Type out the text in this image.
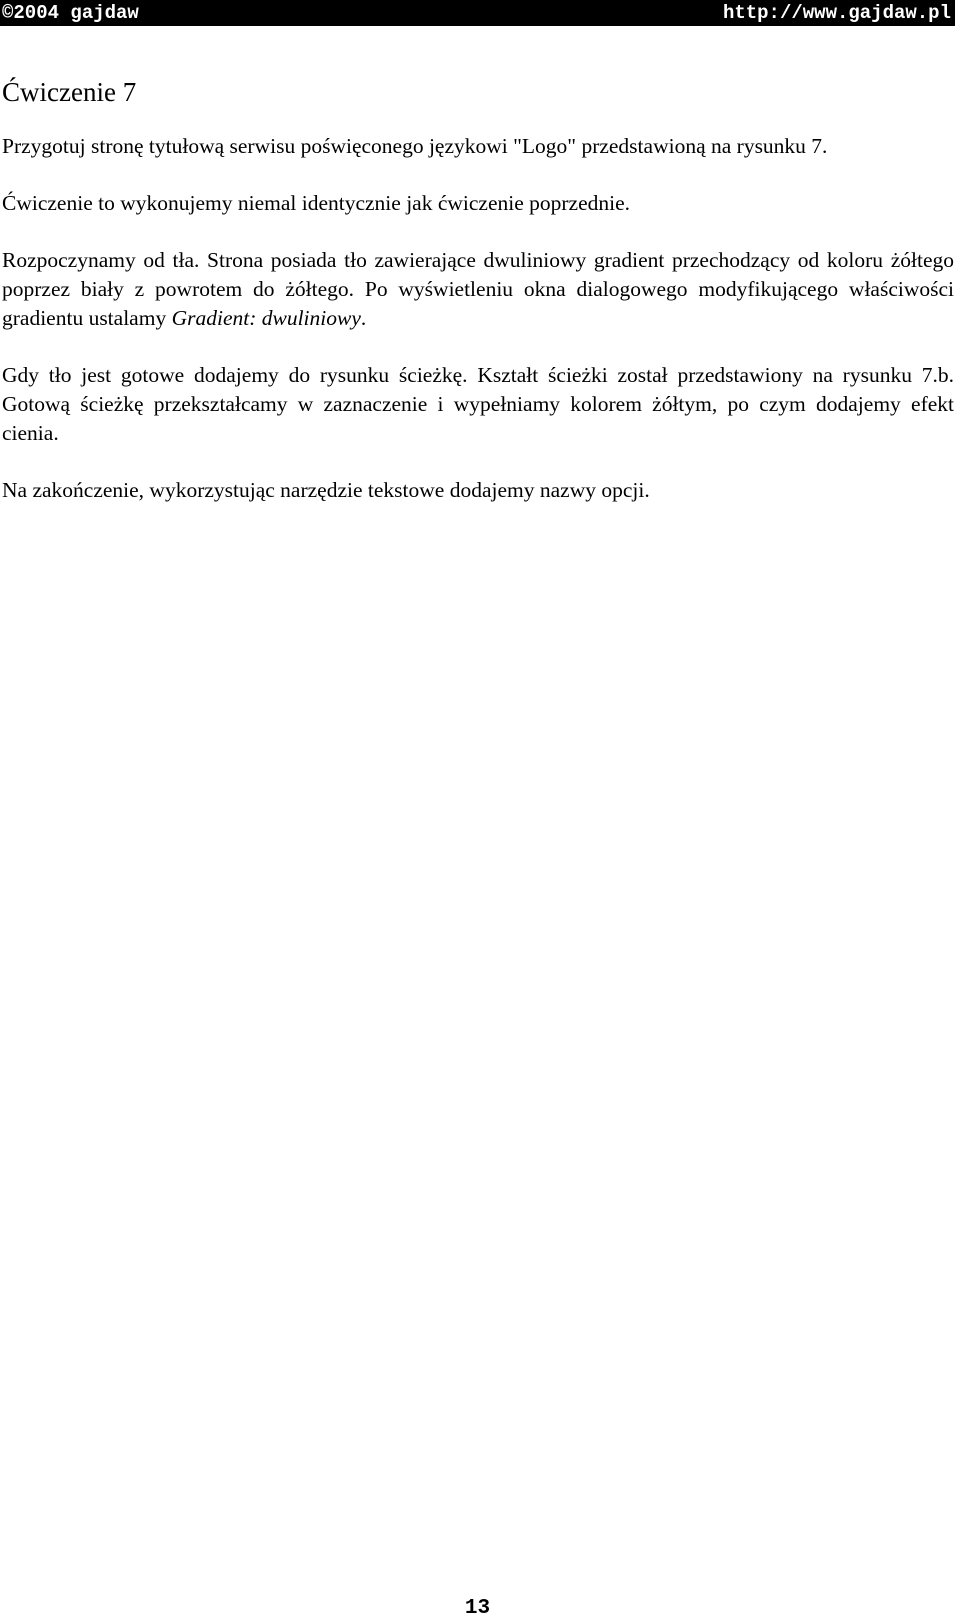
©2004 gajdaw	http://www.gajdaw.pl
Ćwiczenie 7

Przygotuj stronę tytułową serwisu poświęconego językowi "Logo" przedstawioną na rysunku 7.

Ćwiczenie to wykonujemy niemal identycznie jak ćwiczenie poprzednie.

Rozpoczynamy od tła. Strona posiada tło zawierające dwuliniowy gradient przechodzący od koloru żółtego poprzez biały z powrotem do żółtego. Po wyświetleniu okna dialogowego modyfikującego właściwości gradientu ustalamy Gradient: dwuliniowy.

Gdy tło jest gotowe dodajemy do rysunku ścieżkę. Kształt ścieżki został przedstawiony na rysunku 7.b. Gotową ścieżkę przekształcamy w zaznaczenie i wypełniamy kolorem żółtym, po czym dodajemy efekt cienia.

Na zakończenie, wykorzystując narzędzie tekstowe dodajemy nazwy opcji.

13
